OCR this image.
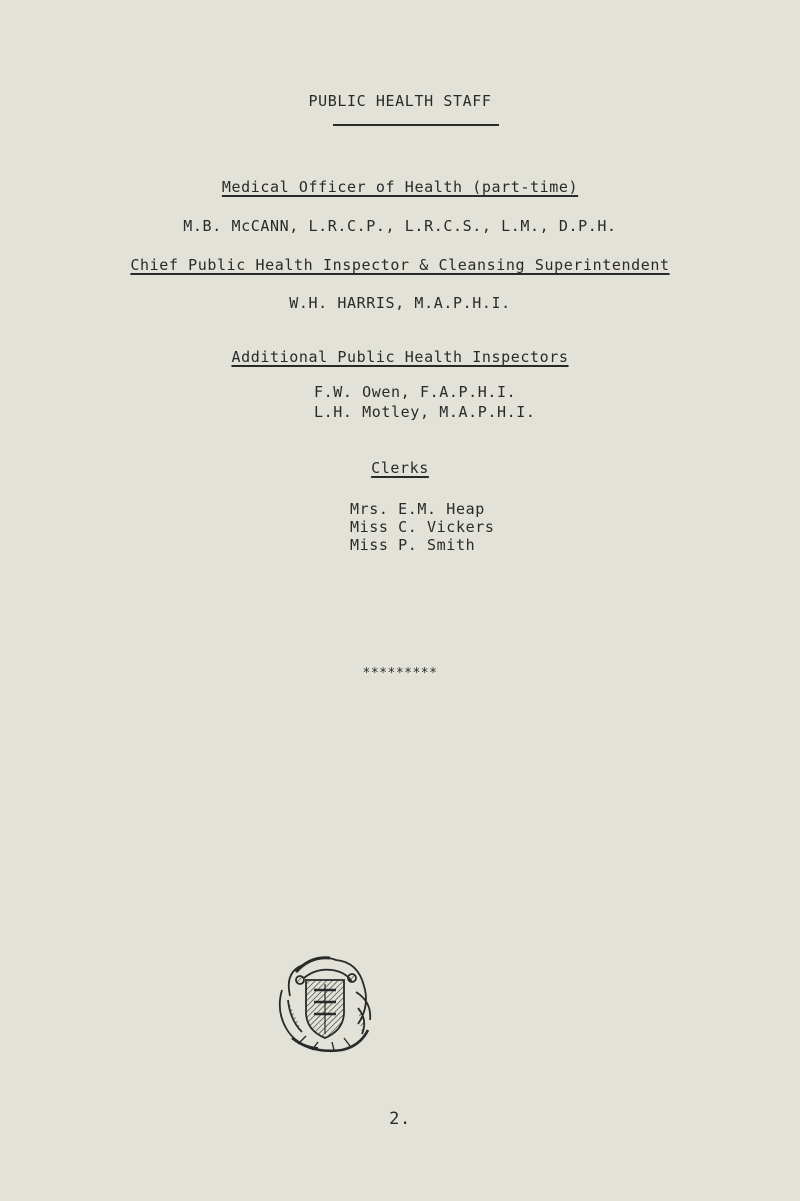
PUBLIC HEALTH STAFF
Medical Officer of Health (part-time)
M.B. McCANN, L.R.C.P., L.R.C.S., L.M., D.P.H.
Chief Public Health Inspector & Cleansing Superintendent
W.H. HARRIS, M.A.P.H.I.
Additional Public Health Inspectors
F.W. Owen, F.A.P.H.I.
L.H. Motley, M.A.P.H.I.
Clerks
Mrs. E.M. Heap
Miss C. Vickers
Miss P. Smith
*********
2.
